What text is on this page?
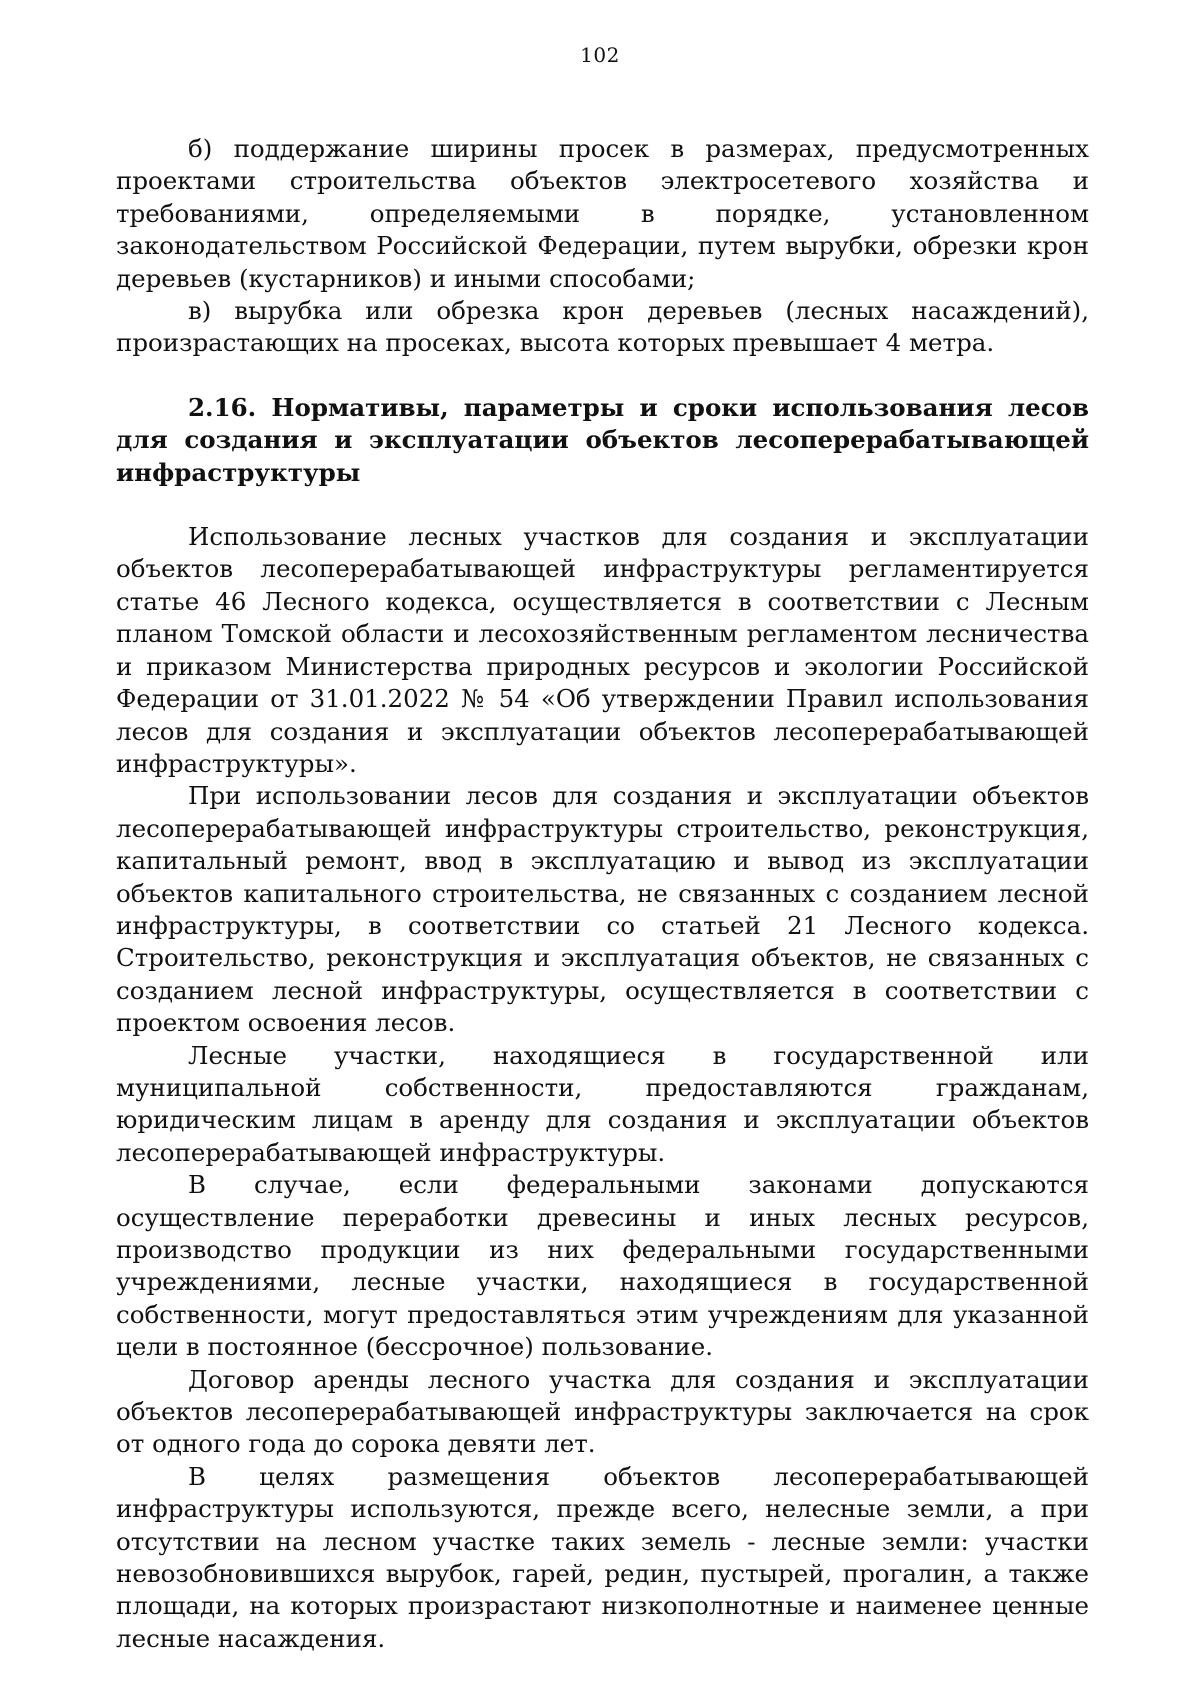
102

б) поддержание ширины просек в размерах, предусмотренных проектами строительства объектов электросетевого хозяйства и требованиями, определяемыми в порядке, установленном законодательством Российской Федерации, путем вырубки, обрезки крон деревьев (кустарников) и иными способами;

в) вырубка или обрезка крон деревьев (лесных насаждений), произрастающих на просеках, высота которых превышает 4 метра.

2.16. Нормативы, параметры и сроки использования лесов для создания и эксплуатации объектов лесоперерабатывающей инфраструктуры

Использование лесных участков для создания и эксплуатации объектов лесоперерабатывающей инфраструктуры регламентируется статье 46 Лесного кодекса, осуществляется в соответствии с Лесным планом Томской области и лесохозяйственным регламентом лесничества и приказом Министерства природных ресурсов и экологии Российской Федерации от 31.01.2022 № 54 «Об утверждении Правил использования лесов для создания и эксплуатации объектов лесоперерабатывающей инфраструктуры».

При использовании лесов для создания и эксплуатации объектов лесоперерабатывающей инфраструктуры строительство, реконструкция, капитальный ремонт, ввод в эксплуатацию и вывод из эксплуатации объектов капитального строительства, не связанных с созданием лесной инфраструктуры, в соответствии со статьей 21 Лесного кодекса. Строительство, реконструкция и эксплуатация объектов, не связанных с созданием лесной инфраструктуры, осуществляется в соответствии с проектом освоения лесов.

Лесные участки, находящиеся в государственной или муниципальной собственности, предоставляются гражданам, юридическим лицам в аренду для создания и эксплуатации объектов лесоперерабатывающей инфраструктуры.

В случае, если федеральными законами допускаются осуществление переработки древесины и иных лесных ресурсов, производство продукции из них федеральными государственными учреждениями, лесные участки, находящиеся в государственной собственности, могут предоставляться этим учреждениям для указанной цели в постоянное (бессрочное) пользование.

Договор аренды лесного участка для создания и эксплуатации объектов лесоперерабатывающей инфраструктуры заключается на срок от одного года до сорока девяти лет.

В целях размещения объектов лесоперерабатывающей инфраструктуры используются, прежде всего, нелесные земли, а при отсутствии на лесном участке таких земель - лесные земли: участки невозобновившихся вырубок, гарей, редин, пустырей, прогалин, а также площади, на которых произрастают низкополнотные и наименее ценные лесные насаждения.
